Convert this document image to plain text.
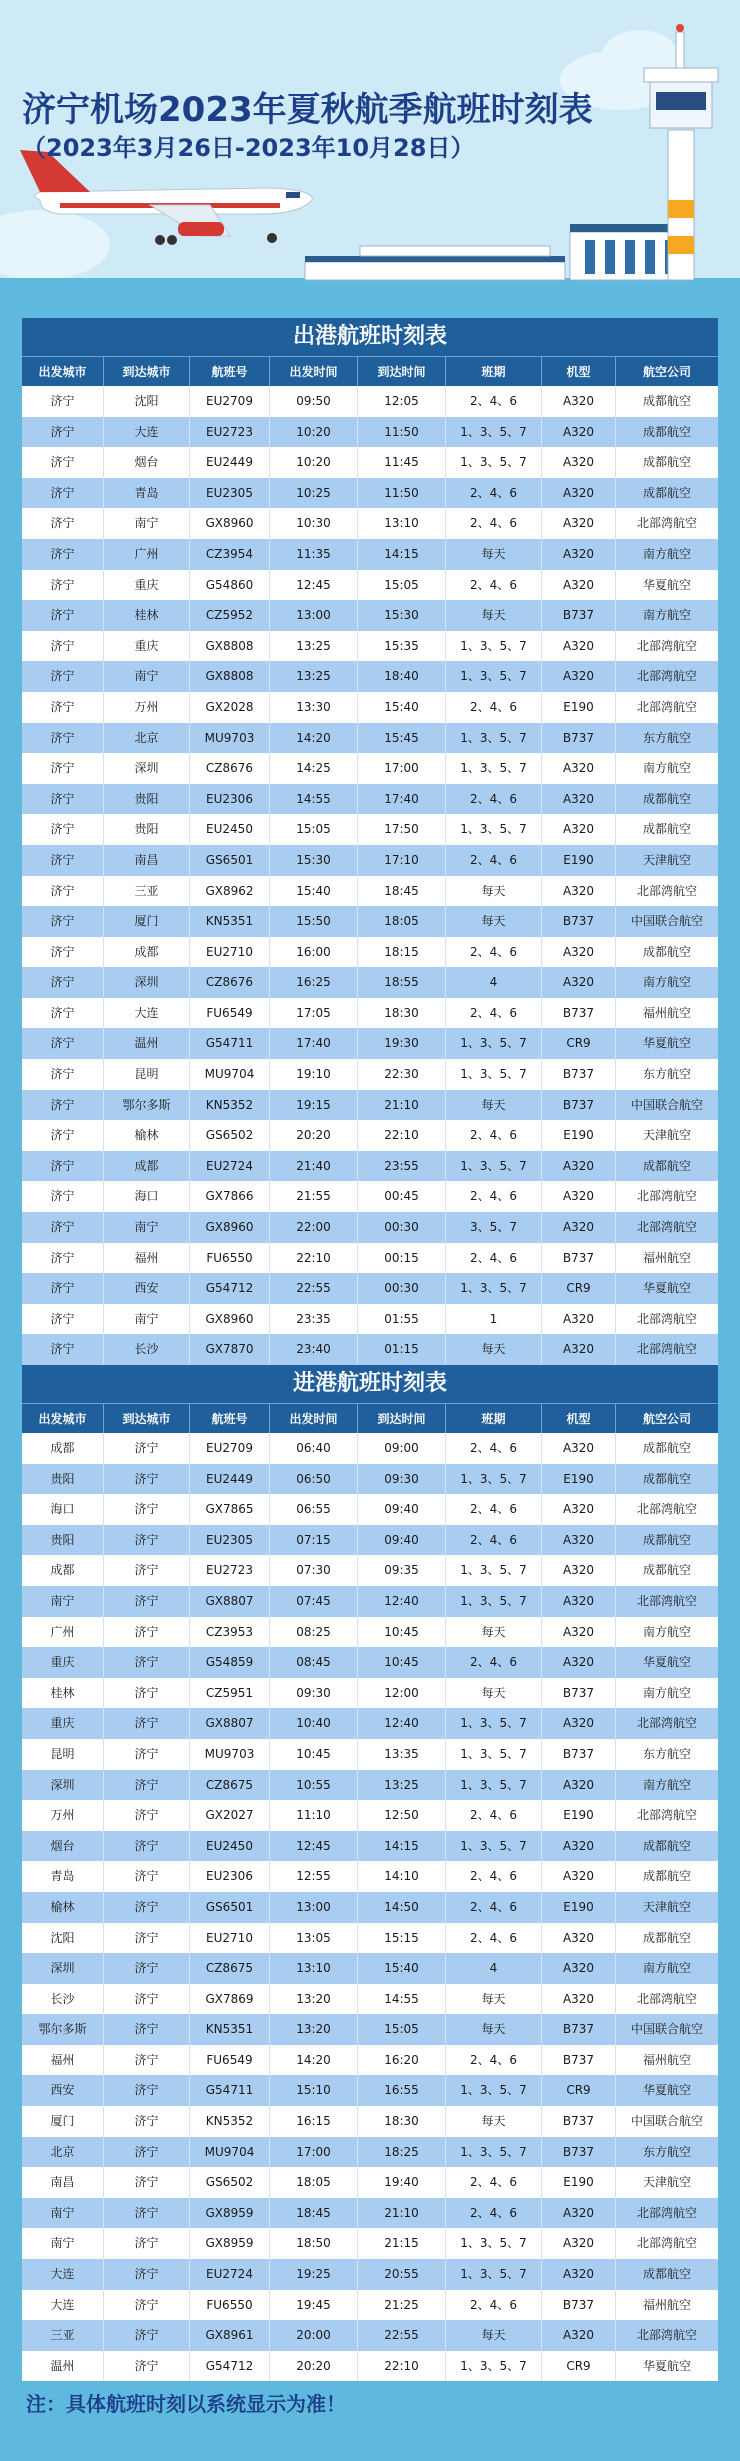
济宁机场2023年夏秋航季航班时刻表
（2023年3月26日-2023年10月28日）
出港航班时刻表
出发城市	到达城市	航班号	出发时间	到达时间	班期	机型	航空公司
济宁	沈阳	EU2709	09:50	12:05	2、4、6	A320	成都航空
济宁	大连	EU2723	10:20	11:50	1、3、5、7	A320	成都航空
济宁	烟台	EU2449	10:20	11:45	1、3、5、7	A320	成都航空
济宁	青岛	EU2305	10:25	11:50	2、4、6	A320	成都航空
济宁	南宁	GX8960	10:30	13:10	2、4、6	A320	北部湾航空
济宁	广州	CZ3954	11:35	14:15	每天	A320	南方航空
济宁	重庆	G54860	12:45	15:05	2、4、6	A320	华夏航空
济宁	桂林	CZ5952	13:00	15:30	每天	B737	南方航空
济宁	重庆	GX8808	13:25	15:35	1、3、5、7	A320	北部湾航空
济宁	南宁	GX8808	13:25	18:40	1、3、5、7	A320	北部湾航空
济宁	万州	GX2028	13:30	15:40	2、4、6	E190	北部湾航空
济宁	北京	MU9703	14:20	15:45	1、3、5、7	B737	东方航空
济宁	深圳	CZ8676	14:25	17:00	1、3、5、7	A320	南方航空
济宁	贵阳	EU2306	14:55	17:40	2、4、6	A320	成都航空
济宁	贵阳	EU2450	15:05	17:50	1、3、5、7	A320	成都航空
济宁	南昌	GS6501	15:30	17:10	2、4、6	E190	天津航空
济宁	三亚	GX8962	15:40	18:45	每天	A320	北部湾航空
济宁	厦门	KN5351	15:50	18:05	每天	B737	中国联合航空
济宁	成都	EU2710	16:00	18:15	2、4、6	A320	成都航空
济宁	深圳	CZ8676	16:25	18:55	4	A320	南方航空
济宁	大连	FU6549	17:05	18:30	2、4、6	B737	福州航空
济宁	温州	G54711	17:40	19:30	1、3、5、7	CR9	华夏航空
济宁	昆明	MU9704	19:10	22:30	1、3、5、7	B737	东方航空
济宁	鄂尔多斯	KN5352	19:15	21:10	每天	B737	中国联合航空
济宁	榆林	GS6502	20:20	22:10	2、4、6	E190	天津航空
济宁	成都	EU2724	21:40	23:55	1、3、5、7	A320	成都航空
济宁	海口	GX7866	21:55	00:45	2、4、6	A320	北部湾航空
济宁	南宁	GX8960	22:00	00:30	3、5、7	A320	北部湾航空
济宁	福州	FU6550	22:10	00:15	2、4、6	B737	福州航空
济宁	西安	G54712	22:55	00:30	1、3、5、7	CR9	华夏航空
济宁	南宁	GX8960	23:35	01:55	1	A320	北部湾航空
济宁	长沙	GX7870	23:40	01:15	每天	A320	北部湾航空
进港航班时刻表
出发城市	到达城市	航班号	出发时间	到达时间	班期	机型	航空公司
成都	济宁	EU2709	06:40	09:00	2、4、6	A320	成都航空
贵阳	济宁	EU2449	06:50	09:30	1、3、5、7	E190	成都航空
海口	济宁	GX7865	06:55	09:40	2、4、6	A320	北部湾航空
贵阳	济宁	EU2305	07:15	09:40	2、4、6	A320	成都航空
成都	济宁	EU2723	07:30	09:35	1、3、5、7	A320	成都航空
南宁	济宁	GX8807	07:45	12:40	1、3、5、7	A320	北部湾航空
广州	济宁	CZ3953	08:25	10:45	每天	A320	南方航空
重庆	济宁	G54859	08:45	10:45	2、4、6	A320	华夏航空
桂林	济宁	CZ5951	09:30	12:00	每天	B737	南方航空
重庆	济宁	GX8807	10:40	12:40	1、3、5、7	A320	北部湾航空
昆明	济宁	MU9703	10:45	13:35	1、3、5、7	B737	东方航空
深圳	济宁	CZ8675	10:55	13:25	1、3、5、7	A320	南方航空
万州	济宁	GX2027	11:10	12:50	2、4、6	E190	北部湾航空
烟台	济宁	EU2450	12:45	14:15	1、3、5、7	A320	成都航空
青岛	济宁	EU2306	12:55	14:10	2、4、6	A320	成都航空
榆林	济宁	GS6501	13:00	14:50	2、4、6	E190	天津航空
沈阳	济宁	EU2710	13:05	15:15	2、4、6	A320	成都航空
深圳	济宁	CZ8675	13:10	15:40	4	A320	南方航空
长沙	济宁	GX7869	13:20	14:55	每天	A320	北部湾航空
鄂尔多斯	济宁	KN5351	13:20	15:05	每天	B737	中国联合航空
福州	济宁	FU6549	14:20	16:20	2、4、6	B737	福州航空
西安	济宁	G54711	15:10	16:55	1、3、5、7	CR9	华夏航空
厦门	济宁	KN5352	16:15	18:30	每天	B737	中国联合航空
北京	济宁	MU9704	17:00	18:25	1、3、5、7	B737	东方航空
南昌	济宁	GS6502	18:05	19:40	2、4、6	E190	天津航空
南宁	济宁	GX8959	18:45	21:10	2、4、6	A320	北部湾航空
南宁	济宁	GX8959	18:50	21:15	1、3、5、7	A320	北部湾航空
大连	济宁	EU2724	19:25	20:55	1、3、5、7	A320	成都航空
大连	济宁	FU6550	19:45	21:25	2、4、6	B737	福州航空
三亚	济宁	GX8961	20:00	22:55	每天	A320	北部湾航空
温州	济宁	G54712	20:20	22:10	1、3、5、7	CR9	华夏航空
注：具体航班时刻以系统显示为准！
